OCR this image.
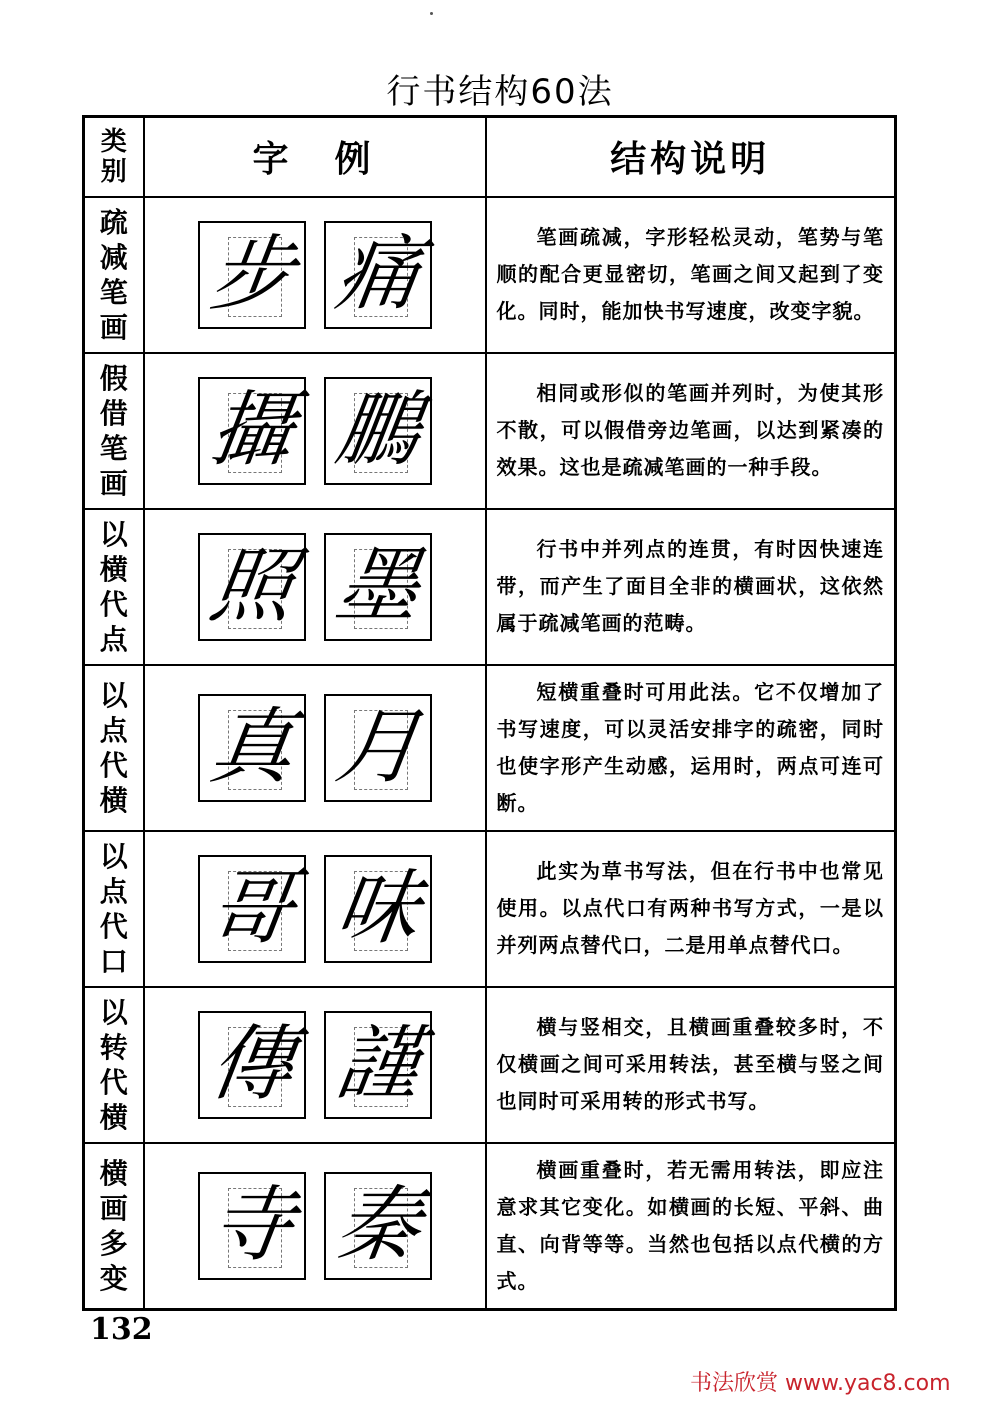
行书结构60法
类别	字例	结构说明

疏减笔画	步 痛	笔画疏减，字形轻松灵动，笔势与笔顺的配合更显密切，笔画之间又起到了变化。同时，能加快书写速度，改变字貌。

假借笔画	攝 鵬	相同或形似的笔画并列时，为使其形不散，可以假借旁边笔画，以达到紧凑的效果。这也是疏减笔画的一种手段。

以横代点	照 墨	行书中并列点的连贯，有时因快速连带，而产生了面目全非的横画状，这依然属于疏减笔画的范畴。

以点代横	真 月	短横重叠时可用此法。它不仅增加了书写速度，可以灵活安排字的疏密，同时也使字形产生动感，运用时，两点可连可断。

以点代口	哥 味	此实为草书写法，但在行书中也常见使用。以点代口有两种书写方式，一是以并列两点替代口，二是用单点替代口。

以转代横	傳 謹	横与竖相交，且横画重叠较多时，不仅横画之间可采用转法，甚至横与竖之间也同时可采用转的形式书写。

横画多变	寺 秦	横画重叠时，若无需用转法，即应注意求其它变化。如横画的长短、平斜、曲直、向背等等。当然也包括以点代横的方式。
132
书法欣赏 www.yac8.com
